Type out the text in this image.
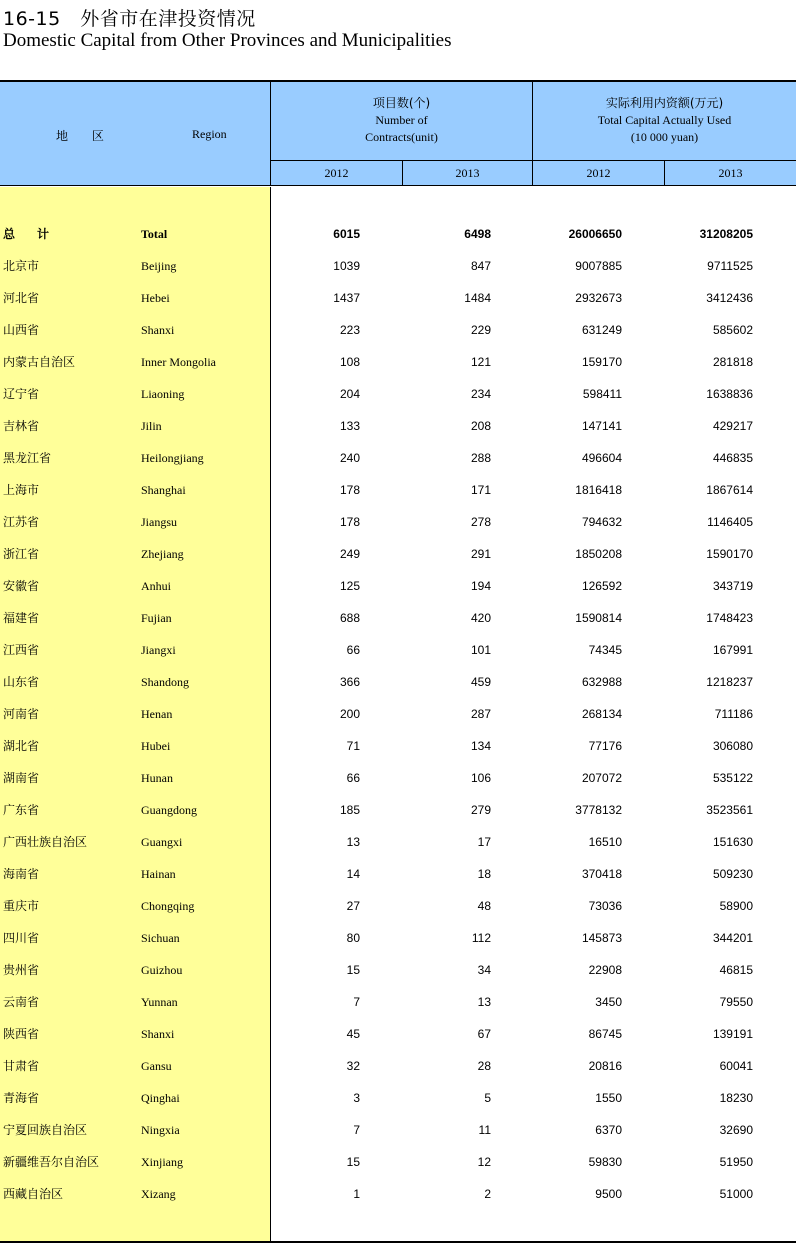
16-15　外省市在津投资情况
Domestic Capital from Other Provinces and Municipalities
地 区	Region
项目数(个)
Number of
Contracts(unit)
实际利用内资额(万元)
Total Capital Actually Used
(10 000 yuan)
2012	2013	2012	2013
总计	Total	6015	6498	26006650	31208205
北京市	Beijing	1039	847	9007885	9711525
河北省	Hebei	1437	1484	2932673	3412436
山西省	Shanxi	223	229	631249	585602
内蒙古自治区	Inner Mongolia	108	121	159170	281818
辽宁省	Liaoning	204	234	598411	1638836
吉林省	Jilin	133	208	147141	429217
黑龙江省	Heilongjiang	240	288	496604	446835
上海市	Shanghai	178	171	1816418	1867614
江苏省	Jiangsu	178	278	794632	1146405
浙江省	Zhejiang	249	291	1850208	1590170
安徽省	Anhui	125	194	126592	343719
福建省	Fujian	688	420	1590814	1748423
江西省	Jiangxi	66	101	74345	167991
山东省	Shandong	366	459	632988	1218237
河南省	Henan	200	287	268134	711186
湖北省	Hubei	71	134	77176	306080
湖南省	Hunan	66	106	207072	535122
广东省	Guangdong	185	279	3778132	3523561
广西壮族自治区	Guangxi	13	17	16510	151630
海南省	Hainan	14	18	370418	509230
重庆市	Chongqing	27	48	73036	58900
四川省	Sichuan	80	112	145873	344201
贵州省	Guizhou	15	34	22908	46815
云南省	Yunnan	7	13	3450	79550
陕西省	Shanxi	45	67	86745	139191
甘肃省	Gansu	32	28	20816	60041
青海省	Qinghai	3	5	1550	18230
宁夏回族自治区	Ningxia	7	11	6370	32690
新疆维吾尔自治区	Xinjiang	15	12	59830	51950
西藏自治区	Xizang	1	2	9500	51000
